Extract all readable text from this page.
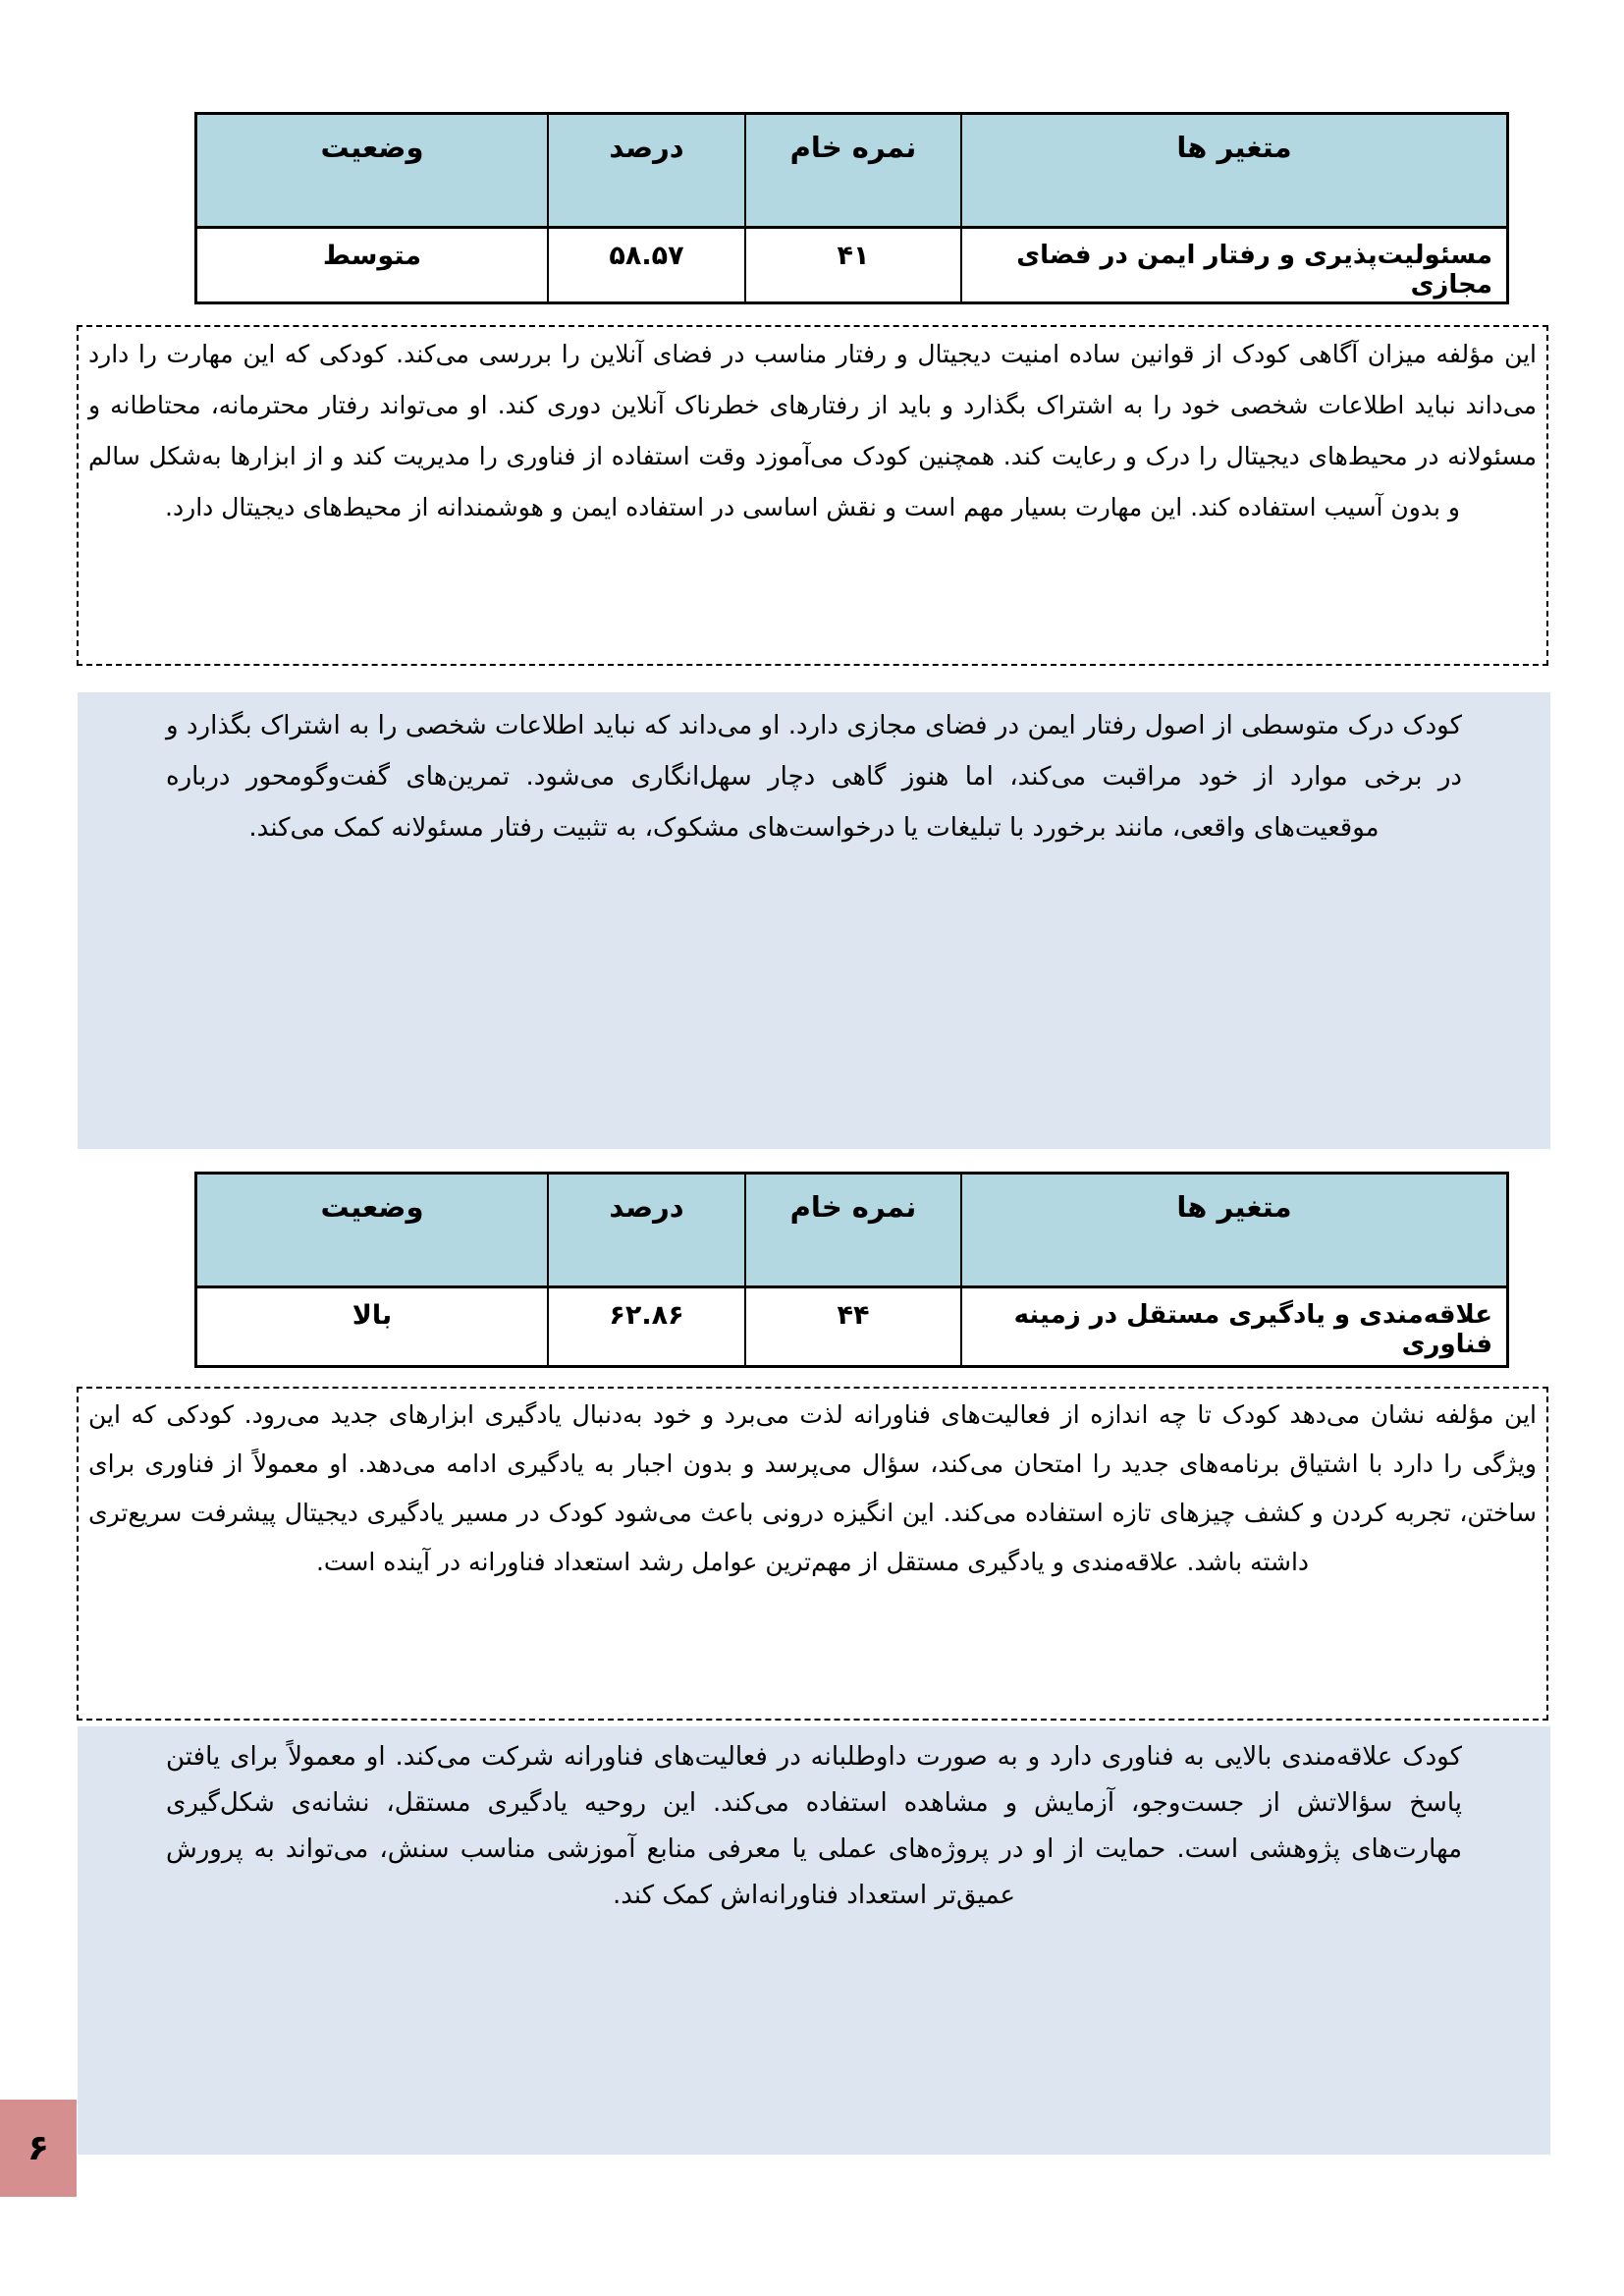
متغیر ها
نمره خام
درصد
وضعیت
مسئولیت‌پذیری و رفتار ایمن در فضای مجازی
۴۱
۵۸.۵۷
متوسط

این مؤلفه میزان آگاهی کودک از قوانین ساده امنیت دیجیتال و رفتار مناسب در فضای آنلاین را بررسی می‌کند. کودکی که این مهارت را دارد می‌داند نباید اطلاعات شخصی خود را به اشتراک بگذارد و باید از رفتارهای خطرناک آنلاین دوری کند. او می‌تواند رفتار محترمانه، محتاطانه و مسئولانه در محیط‌های دیجیتال را درک و رعایت کند. همچنین کودک می‌آموزد وقت استفاده از فناوری را مدیریت کند و از ابزارها به‌شکل سالم و بدون آسیب استفاده کند. این مهارت بسیار مهم است و نقش اساسی در استفاده ایمن و هوشمندانه از محیط‌های دیجیتال دارد.

کودک درک متوسطی از اصول رفتار ایمن در فضای مجازی دارد. او می‌داند که نباید اطلاعات شخصی را به اشتراک بگذارد و در برخی موارد از خود مراقبت می‌کند، اما هنوز گاهی دچار سهل‌انگاری می‌شود. تمرین‌های گفت‌وگومحور درباره موقعیت‌های واقعی، مانند برخورد با تبلیغات یا درخواست‌های مشکوک، به تثبیت رفتار مسئولانه کمک می‌کند.

متغیر ها
نمره خام
درصد
وضعیت
علاقه‌مندی و یادگیری مستقل در زمینه فناوری
۴۴
۶۲.۸۶
بالا

این مؤلفه نشان می‌دهد کودک تا چه اندازه از فعالیت‌های فناورانه لذت می‌برد و خود به‌دنبال یادگیری ابزارهای جدید می‌رود. کودکی که این ویژگی را دارد با اشتیاق برنامه‌های جدید را امتحان می‌کند، سؤال می‌پرسد و بدون اجبار به یادگیری ادامه می‌دهد. او معمولاً از فناوری برای ساختن، تجربه کردن و کشف چیزهای تازه استفاده می‌کند. این انگیزه درونی باعث می‌شود کودک در مسیر یادگیری دیجیتال پیشرفت سریع‌تری داشته باشد. علاقه‌مندی و یادگیری مستقل از مهم‌ترین عوامل رشد استعداد فناورانه در آینده است.

کودک علاقه‌مندی بالایی به فناوری دارد و به صورت داوطلبانه در فعالیت‌های فناورانه شرکت می‌کند. او معمولاً برای یافتن پاسخ سؤالاتش از جست‌وجو، آزمایش و مشاهده استفاده می‌کند. این روحیه یادگیری مستقل، نشانه‌ی شکل‌گیری مهارت‌های پژوهشی است. حمایت از او در پروژه‌های عملی یا معرفی منابع آموزشی مناسب سنش، می‌تواند به پرورش عمیق‌تر استعداد فناورانه‌اش کمک کند.

۶
